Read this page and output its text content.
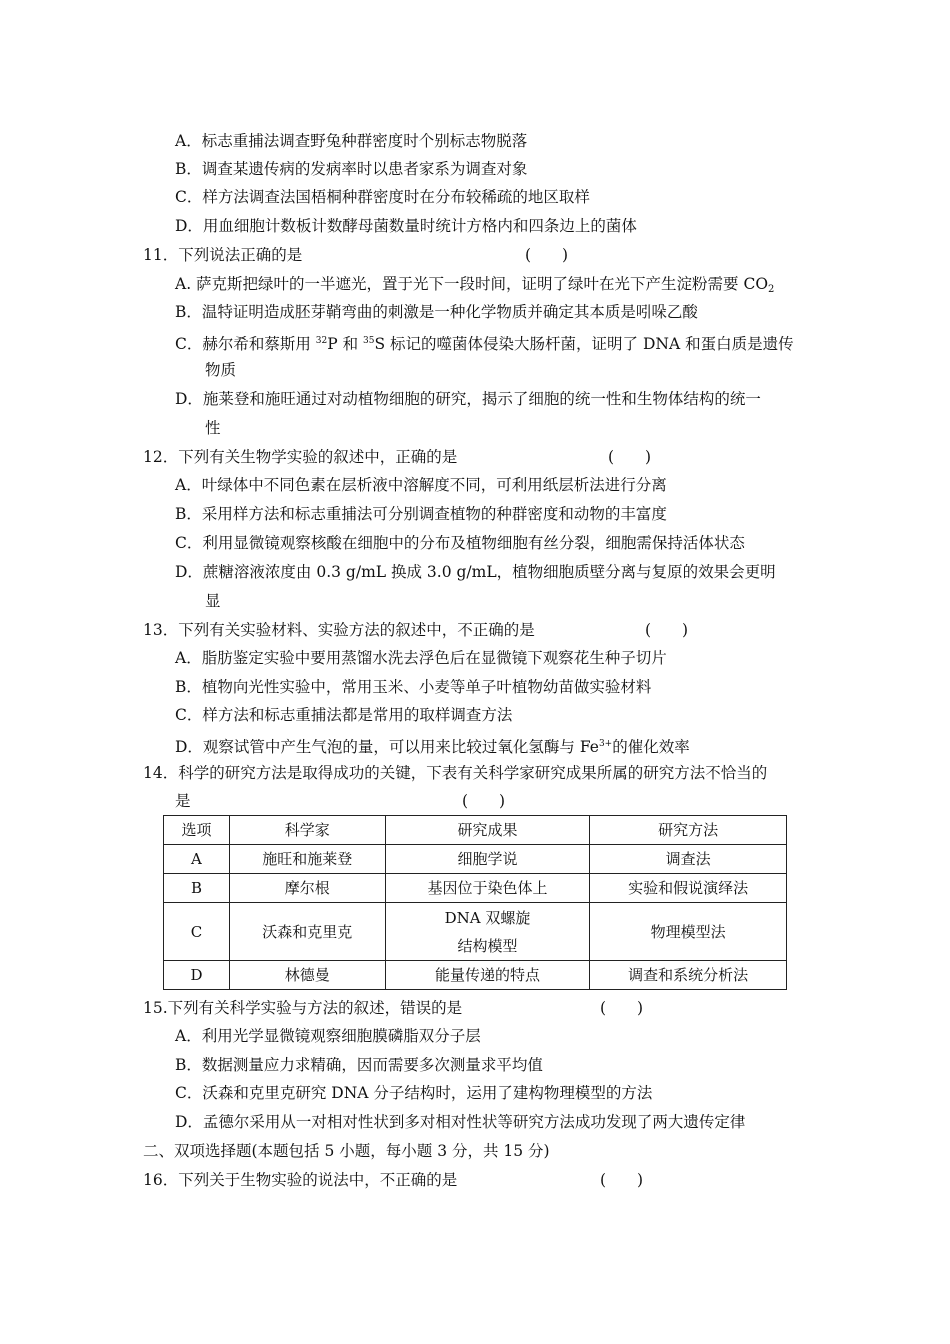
A．标志重捕法调查野兔种群密度时个别标志物脱落
B．调查某遗传病的发病率时以患者家系为调查对象
C．样方法调查法国梧桐种群密度时在分布较稀疏的地区取样
D．用血细胞计数板计数酵母菌数量时统计方格内和四条边上的菌体
11．下列说法正确的是	(　　)
A. 萨克斯把绿叶的一半遮光，置于光下一段时间，证明了绿叶在光下产生淀粉需要 $CO_2$
B．温特证明造成胚芽鞘弯曲的刺激是一种化学物质并确定其本质是吲哚乙酸
C．赫尔希和蔡斯用 $^{32}$P 和 $^{35}$S 标记的噬菌体侵染大肠杆菌，证明了 DNA 和蛋白质是遗传
物质
D．施莱登和施旺通过对动植物细胞的研究，揭示了细胞的统一性和生物体结构的统一
性
12．下列有关生物学实验的叙述中，正确的是	(　　)
A．叶绿体中不同色素在层析液中溶解度不同，可利用纸层析法进行分离
B．采用样方法和标志重捕法可分别调查植物的种群密度和动物的丰富度
C．利用显微镜观察核酸在细胞中的分布及植物细胞有丝分裂，细胞需保持活体状态
D．蔗糖溶液浓度由 0.3 g/mL 换成 3.0 g/mL，植物细胞质壁分离与复原的效果会更明
显
13．下列有关实验材料、实验方法的叙述中，不正确的是	(　　)
A．脂肪鉴定实验中要用蒸馏水洗去浮色后在显微镜下观察花生种子切片
B．植物向光性实验中，常用玉米、小麦等单子叶植物幼苗做实验材料
C．样方法和标志重捕法都是常用的取样调查方法
D．观察试管中产生气泡的量，可以用来比较过氧化氢酶与 $Fe^{3+}$的催化效率
14．科学的研究方法是取得成功的关键，下表有关科学家研究成果所属的研究方法不恰当的
是	(　　)
选项	科学家	研究成果	研究方法
A	施旺和施莱登	细胞学说	调查法
B	摩尔根	基因位于染色体上	实验和假说演绎法
C	沃森和克里克	DNA 双螺旋
结构模型	物理模型法
D	林德曼	能量传递的特点	调查和系统分析法
15.下列有关科学实验与方法的叙述，错误的是	(　　)
A．利用光学显微镜观察细胞膜磷脂双分子层
B．数据测量应力求精确，因而需要多次测量求平均值
C．沃森和克里克研究 DNA 分子结构时，运用了建构物理模型的方法
D．孟德尔采用从一对相对性状到多对相对性状等研究方法成功发现了两大遗传定律
二、双项选择题(本题包括 5 小题，每小题 3 分，共 15 分)
16．下列关于生物实验的说法中，不正确的是	(　　)
